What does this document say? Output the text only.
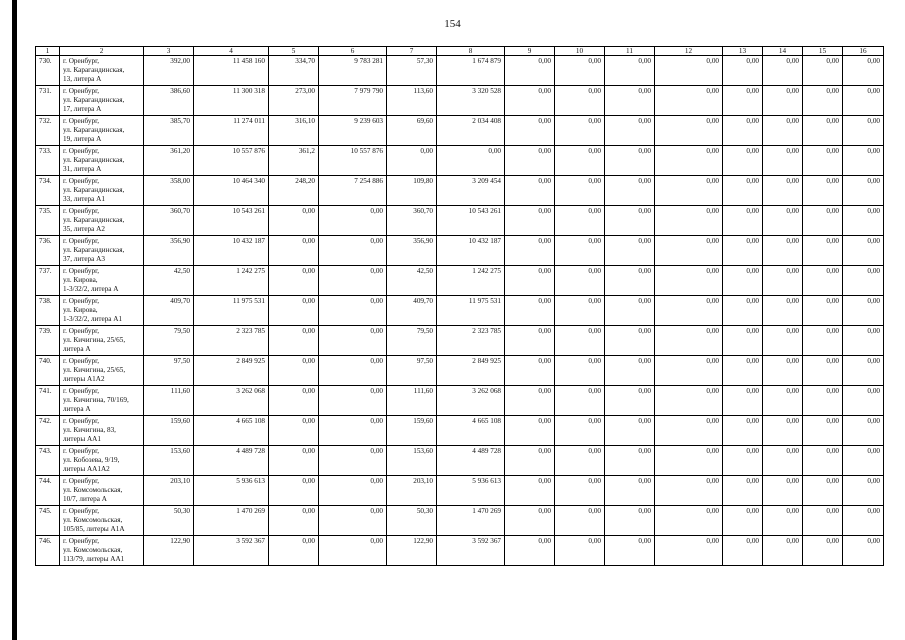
154
1	2	3	4	5	6	7	8	9	10	11	12	13	14	15	16
730.	г. Оренбург,
ул. Карагандинская,
13, литера А	392,00	11 458 160	334,70	9 783 281	57,30	1 674 879	0,00	0,00	0,00	0,00	0,00	0,00	0,00	0,00
731.	г. Оренбург,
ул. Карагандинская,
17, литера А	386,60	11 300 318	273,00	7 979 790	113,60	3 320 528	0,00	0,00	0,00	0,00	0,00	0,00	0,00	0,00
732.	г. Оренбург,
ул. Карагандинская,
19, литера А	385,70	11 274 011	316,10	9 239 603	69,60	2 034 408	0,00	0,00	0,00	0,00	0,00	0,00	0,00	0,00
733.	г. Оренбург,
ул. Карагандинская,
31, литера А	361,20	10 557 876	361,2	10 557 876	0,00	0,00	0,00	0,00	0,00	0,00	0,00	0,00	0,00	0,00
734.	г. Оренбург,
ул. Карагандинская,
33, литера А1	358,00	10 464 340	248,20	7 254 886	109,80	3 209 454	0,00	0,00	0,00	0,00	0,00	0,00	0,00	0,00
735.	г. Оренбург,
ул. Карагандинская,
35, литера А2	360,70	10 543 261	0,00	0,00	360,70	10 543 261	0,00	0,00	0,00	0,00	0,00	0,00	0,00	0,00
736.	г. Оренбург,
ул. Карагандинская,
37, литера А3	356,90	10 432 187	0,00	0,00	356,90	10 432 187	0,00	0,00	0,00	0,00	0,00	0,00	0,00	0,00
737.	г. Оренбург,
ул. Кирова,
1-3/32/2, литера А	42,50	1 242 275	0,00	0,00	42,50	1 242 275	0,00	0,00	0,00	0,00	0,00	0,00	0,00	0,00
738.	г. Оренбург,
ул. Кирова,
1-3/32/2, литера А1	409,70	11 975 531	0,00	0,00	409,70	11 975 531	0,00	0,00	0,00	0,00	0,00	0,00	0,00	0,00
739.	г. Оренбург,
ул. Кичигина, 25/65,
литера А	79,50	2 323 785	0,00	0,00	79,50	2 323 785	0,00	0,00	0,00	0,00	0,00	0,00	0,00	0,00
740.	г. Оренбург,
ул. Кичигина, 25/65,
литеры А1А2	97,50	2 849 925	0,00	0,00	97,50	2 849 925	0,00	0,00	0,00	0,00	0,00	0,00	0,00	0,00
741.	г. Оренбург,
ул. Кичигина, 70/169,
литера А	111,60	3 262 068	0,00	0,00	111,60	3 262 068	0,00	0,00	0,00	0,00	0,00	0,00	0,00	0,00
742.	г. Оренбург,
ул. Кичигина, 83,
литеры АА1	159,60	4 665 108	0,00	0,00	159,60	4 665 108	0,00	0,00	0,00	0,00	0,00	0,00	0,00	0,00
743.	г. Оренбург,
ул. Кобозева, 9/19,
литеры АА1А2	153,60	4 489 728	0,00	0,00	153,60	4 489 728	0,00	0,00	0,00	0,00	0,00	0,00	0,00	0,00
744.	г. Оренбург,
ул. Комсомольская,
10/7, литера А	203,10	5 936 613	0,00	0,00	203,10	5 936 613	0,00	0,00	0,00	0,00	0,00	0,00	0,00	0,00
745.	г. Оренбург,
ул. Комсомольская,
105/85, литеры А1А	50,30	1 470 269	0,00	0,00	50,30	1 470 269	0,00	0,00	0,00	0,00	0,00	0,00	0,00	0,00
746.	г. Оренбург,
ул. Комсомольская,
113/79, литеры АА1	122,90	3 592 367	0,00	0,00	122,90	3 592 367	0,00	0,00	0,00	0,00	0,00	0,00	0,00	0,00
